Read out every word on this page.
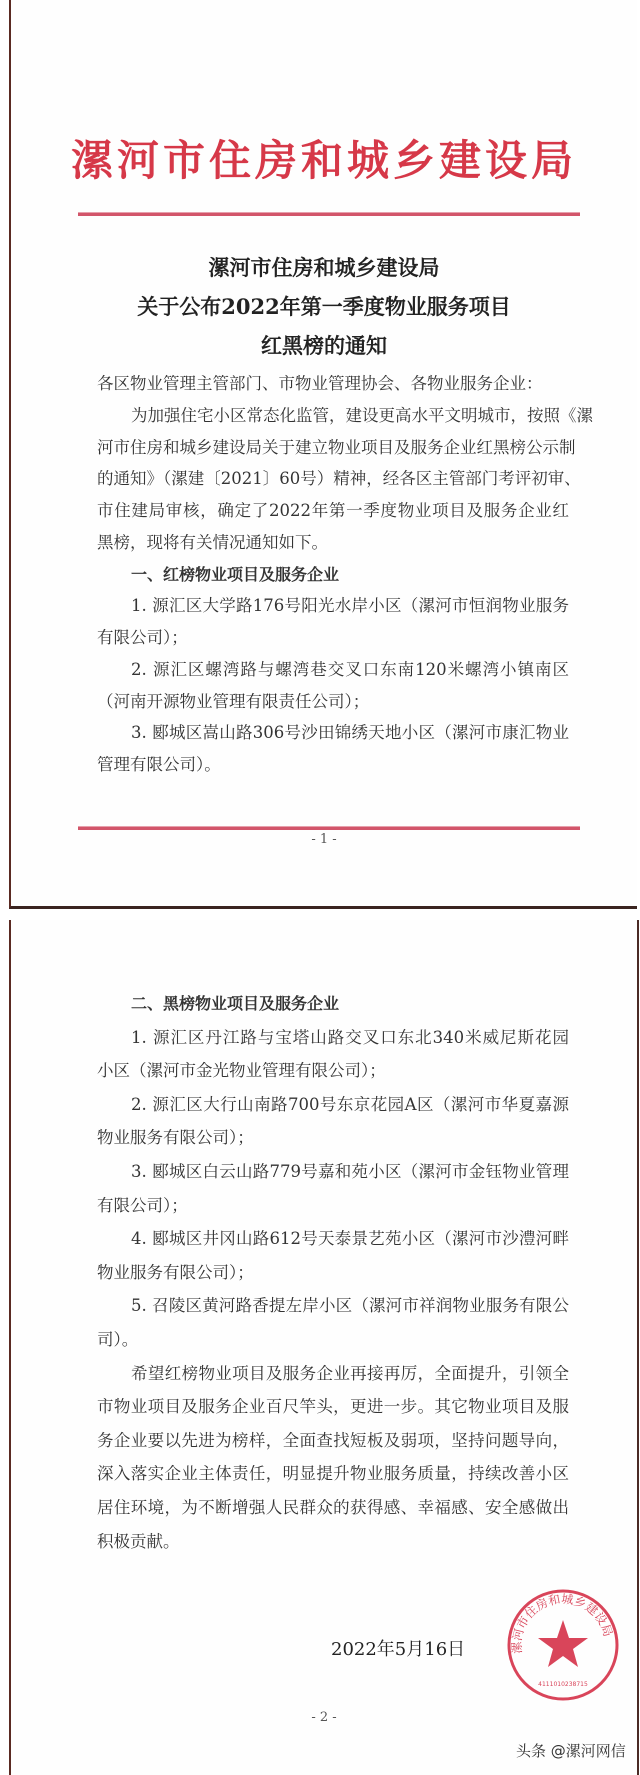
漯河市住房和城乡建设局
漯河市住房和城乡建设局
关于公布2022年第一季度物业服务项目
红黑榜的通知
各区物业管理主管部门、市物业管理协会、各物业服务企业：
为加强住宅小区常态化监管，建设更高水平文明城市，按照《漯
河市住房和城乡建设局关于建立物业项目及服务企业红黑榜公示制
的通知》（漯建〔2021〕60号）精神，经各区主管部门考评初审、
市住建局审核，确定了2022年第一季度物业项目及服务企业红
黑榜，现将有关情况通知如下。
一、红榜物业项目及服务企业
1. 源汇区大学路176号阳光水岸小区（漯河市恒润物业服务
有限公司）；
2. 源汇区螺湾路与螺湾巷交叉口东南120米螺湾小镇南区
（河南开源物业管理有限责任公司）；
3. 郾城区嵩山路306号沙田锦绣天地小区（漯河市康汇物业
管理有限公司）。
- 1 -
二、黑榜物业项目及服务企业
1. 源汇区丹江路与宝塔山路交叉口东北340米威尼斯花园
小区（漯河市金光物业管理有限公司）；
2. 源汇区大行山南路700号东京花园A区（漯河市华夏嘉源
物业服务有限公司）；
3. 郾城区白云山路779号嘉和苑小区（漯河市金钰物业管理
有限公司）；
4. 郾城区井冈山路612号天泰景艺苑小区（漯河市沙澧河畔
物业服务有限公司）；
5. 召陵区黄河路香提左岸小区（漯河市祥润物业服务有限公
司）。
希望红榜物业项目及服务企业再接再厉，全面提升，引领全
市物业项目及服务企业百尺竿头，更进一步。其它物业项目及服
务企业要以先进为榜样，全面查找短板及弱项，坚持问题导向，
深入落实企业主体责任，明显提升物业服务质量，持续改善小区
居住环境，为不断增强人民群众的获得感、幸福感、安全感做出
积极贡献。
2022年5月16日	漯河市住房和城乡建设局
4111010238715
- 2 -
头条 @漯河网信
